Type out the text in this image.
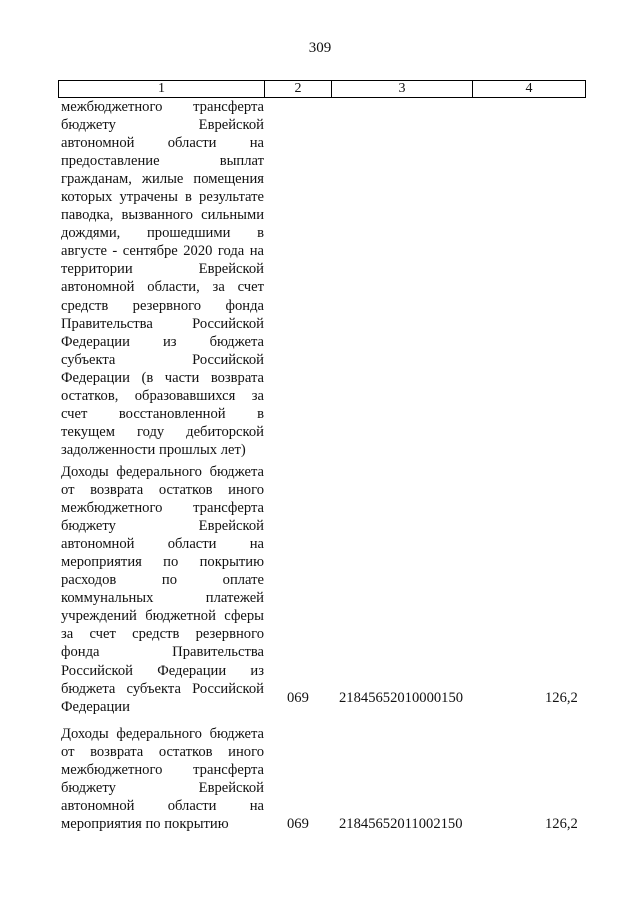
309
1	2	3	4
межбюджетного трансферта
бюджету Еврейской
автономной области на
предоставление выплат
гражданам, жилые помещения
которых утрачены в результате
паводка, вызванного сильными
дождями, прошедшими в
августе - сентябре 2020 года на
территории Еврейской
автономной области, за счет
средств резервного фонда
Правительства Российской
Федерации из бюджета
субъекта Российской
Федерации (в части возврата
остатков, образовавшихся за
счет восстановленной в
текущем году дебиторской
задолженности прошлых лет)
Доходы федерального бюджета
от возврата остатков иного
межбюджетного трансферта
бюджету Еврейской
автономной области на
мероприятия по покрытию
расходов по оплате
коммунальных платежей
учреждений бюджетной сферы
за счет средств резервного
фонда Правительства
Российской Федерации из
бюджета субъекта Российской
Федерации
069 21845652010000150	126,2
Доходы федерального бюджета
от возврата остатков иного
межбюджетного трансферта
бюджету Еврейской
автономной области на
мероприятия по покрытию	069 21845652011002150	126,2
